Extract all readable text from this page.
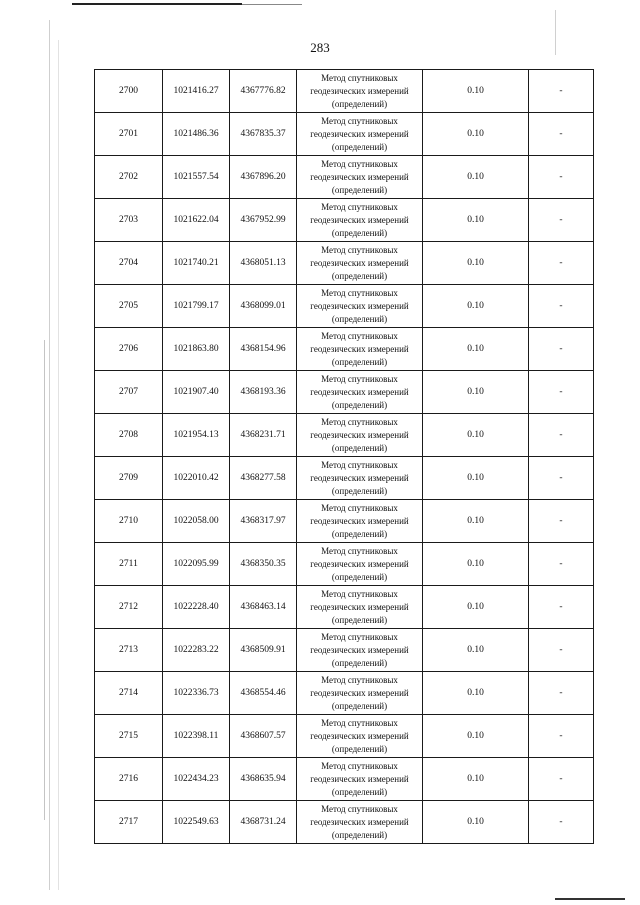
283
2700	1021416.27	4367776.82	Метод спутниковых
геодезических измерений
(определений)	0.10	-
2701	1021486.36	4367835.37	Метод спутниковых
геодезических измерений
(определений)	0.10	-
2702	1021557.54	4367896.20	Метод спутниковых
геодезических измерений
(определений)	0.10	-
2703	1021622.04	4367952.99	Метод спутниковых
геодезических измерений
(определений)	0.10	-
2704	1021740.21	4368051.13	Метод спутниковых
геодезических измерений
(определений)	0.10	-
2705	1021799.17	4368099.01	Метод спутниковых
геодезических измерений
(определений)	0.10	-
2706	1021863.80	4368154.96	Метод спутниковых
геодезических измерений
(определений)	0.10	-
2707	1021907.40	4368193.36	Метод спутниковых
геодезических измерений
(определений)	0.10	-
2708	1021954.13	4368231.71	Метод спутниковых
геодезических измерений
(определений)	0.10	-
2709	1022010.42	4368277.58	Метод спутниковых
геодезических измерений
(определений)	0.10	-
2710	1022058.00	4368317.97	Метод спутниковых
геодезических измерений
(определений)	0.10	-
2711	1022095.99	4368350.35	Метод спутниковых
геодезических измерений
(определений)	0.10	-
2712	1022228.40	4368463.14	Метод спутниковых
геодезических измерений
(определений)	0.10	-
2713	1022283.22	4368509.91	Метод спутниковых
геодезических измерений
(определений)	0.10	-
2714	1022336.73	4368554.46	Метод спутниковых
геодезических измерений
(определений)	0.10	-
2715	1022398.11	4368607.57	Метод спутниковых
геодезических измерений
(определений)	0.10	-
2716	1022434.23	4368635.94	Метод спутниковых
геодезических измерений
(определений)	0.10	-
2717	1022549.63	4368731.24	Метод спутниковых
геодезических измерений
(определений)	0.10	-
